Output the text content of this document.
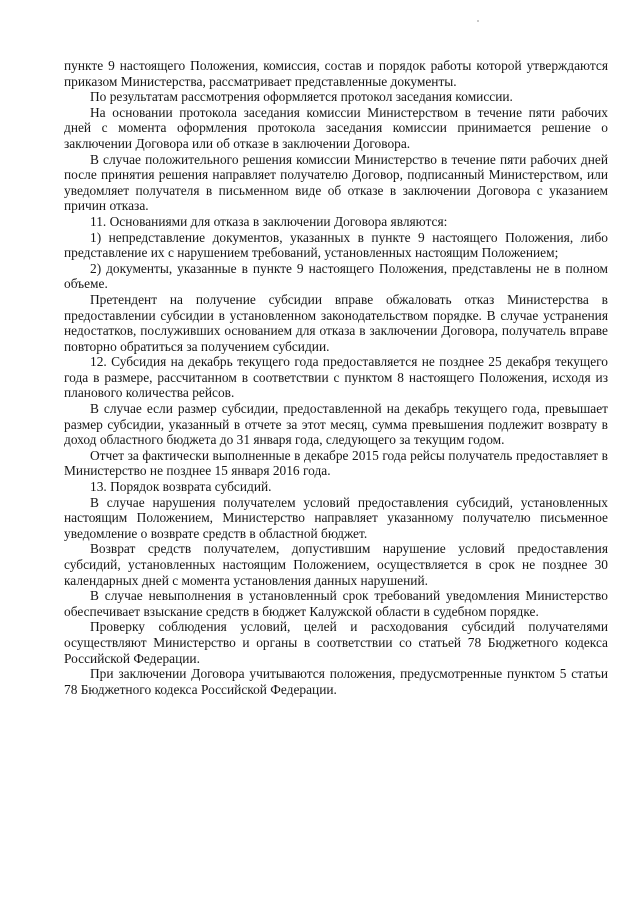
пункте 9 настоящего Положения, комиссия, состав и порядок работы которой утверждаются приказом Министерства, рассматривает представленные документы.

По результатам рассмотрения оформляется протокол заседания комиссии.

На основании протокола заседания комиссии Министерством в течение пяти рабочих дней с момента оформления протокола заседания комиссии принимается решение о заключении Договора или об отказе в заключении Договора.

В случае положительного решения комиссии Министерство в течение пяти рабочих дней после принятия решения направляет получателю Договор, подписанный Министерством, или уведомляет получателя в письменном виде об отказе в заключении Договора с указанием причин отказа.

11. Основаниями для отказа в заключении Договора являются:

1) непредставление документов, указанных в пункте 9 настоящего Положения, либо представление их с нарушением требований, установленных настоящим Положением;

2) документы, указанные в пункте 9 настоящего Положения, представлены не в полном объеме.

Претендент на получение субсидии вправе обжаловать отказ Министерства в предоставлении субсидии в установленном законодательством порядке. В случае устранения недостатков, послуживших основанием для отказа в заключении Договора, получатель вправе повторно обратиться за получением субсидии.

12. Субсидия на декабрь текущего года предоставляется не позднее 25 декабря текущего года в размере, рассчитанном в соответствии с пунктом 8 настоящего Положения, исходя из планового количества рейсов.

В случае если размер субсидии, предоставленной на декабрь текущего года, превышает размер субсидии, указанный в отчете за этот месяц, сумма превышения подлежит возврату в доход областного бюджета до 31 января года, следующего за текущим годом.

Отчет за фактически выполненные в декабре 2015 года рейсы получатель предоставляет в Министерство не позднее 15 января 2016 года.

13. Порядок возврата субсидий.

В случае нарушения получателем условий предоставления субсидий, установленных настоящим Положением, Министерство направляет указанному получателю письменное уведомление о возврате средств в областной бюджет.

Возврат средств получателем, допустившим нарушение условий предоставления субсидий, установленных настоящим Положением, осуществляется в срок не позднее 30 календарных дней с момента установления данных нарушений.

В случае невыполнения в установленный срок требований уведомления Министерство обеспечивает взыскание средств в бюджет Калужской области в судебном порядке.

Проверку соблюдения условий, целей и расходования субсидий получателями осуществляют Министерство и органы в соответствии со статьей 78 Бюджетного кодекса Российской Федерации.

При заключении Договора учитываются положения, предусмотренные пунктом 5 статьи 78 Бюджетного кодекса Российской Федерации.
